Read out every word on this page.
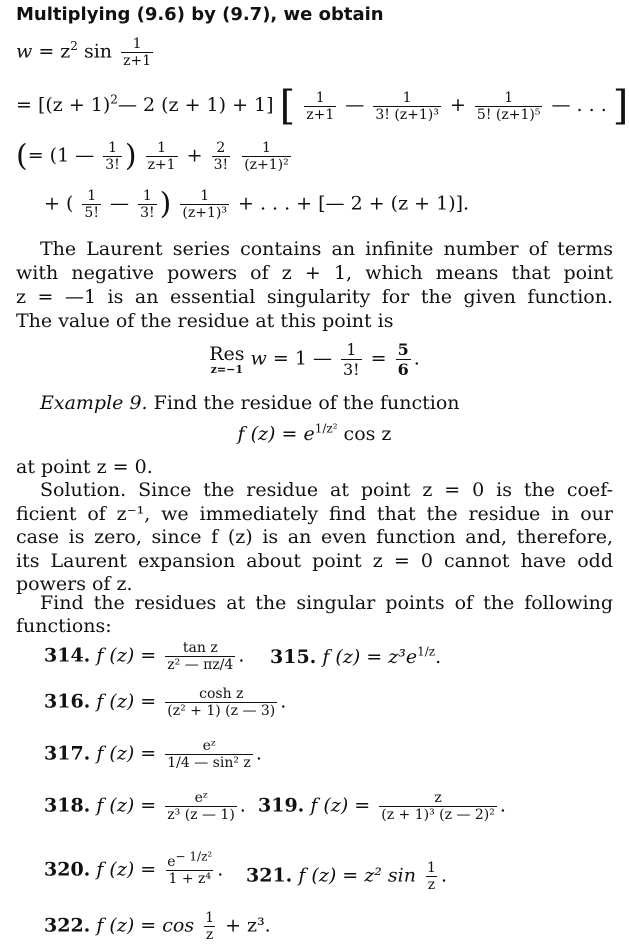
Multiplying (9.6) by (9.7), we obtain
$w = z^2$ $\sin \frac{1}{z+1}$
= [$(z + 1)^2—$ 2 (z + 1) + 1] [ $\frac{1}{z+1}$ — $\frac{1}{\text{3! (z+1)³}} + \frac{1}{\text{5! (z+1)⁵}}$ — . . . ]
(= (1 — $\frac{1}{3!}$ ) $\frac{1}{z+1} + \frac{2}{3!}$
$\frac{1}{\text{(z+1)²}}$
+ ( $\frac{1}{5!}$ — $\frac{1}{3!}$ ) $\frac{1}{\text{(z+1)³}}$ + . . . + [— 2 + (z + 1)].
The Laurent series contains an infinite number of terms
with negative powers of z + 1, which means that point
z = —1 is an essential singularity for the given function.
The value of the residue at this point is
Res
z=−1 w = 1 — $\frac{1}{3!} = \frac{5}{6}$ .
Example 9. Find the residue of the function
f $(z) = e^{1/z^2}$ cos z
at point z = 0.
Solution. Since the residue at point z = 0 is the coef-
ficient of z⁻¹, we immediately find that the residue in our
case is zero, since f (z) is an even function and, therefore,
its Laurent expansion about point z = 0 cannot have odd
powers of z.
Find the residues at the singular points of the following
functions:
314. f $(z) = \frac{\text{tan z}}{\text{z² — πz/4}}$ . 315. f $(z) = z^3e^{1/z}$.
316. f $(z) = \frac{\text{cosh z}}{\text{(z² + 1) (z — 3)}}$ .
317. f $(z) = \frac{\text{eᶻ}}{\text{1/4 — sin² z}}$ .
318. f $(z) = \frac{\text{eᶻ}}{\text{z³ (z — 1)}}$ . 319. f $(z) = \frac{z}{\text{(z + 1)³ (z — 2)²}}$ .
320. f $(z) = \frac{e^{- 1/z^2}}{\text{1 + z⁴}}$ . 321. f (z) = z² $\sin \frac{1}{z}$ .
322. f $(z) = \cos \frac{1}{z} + z^3$.
